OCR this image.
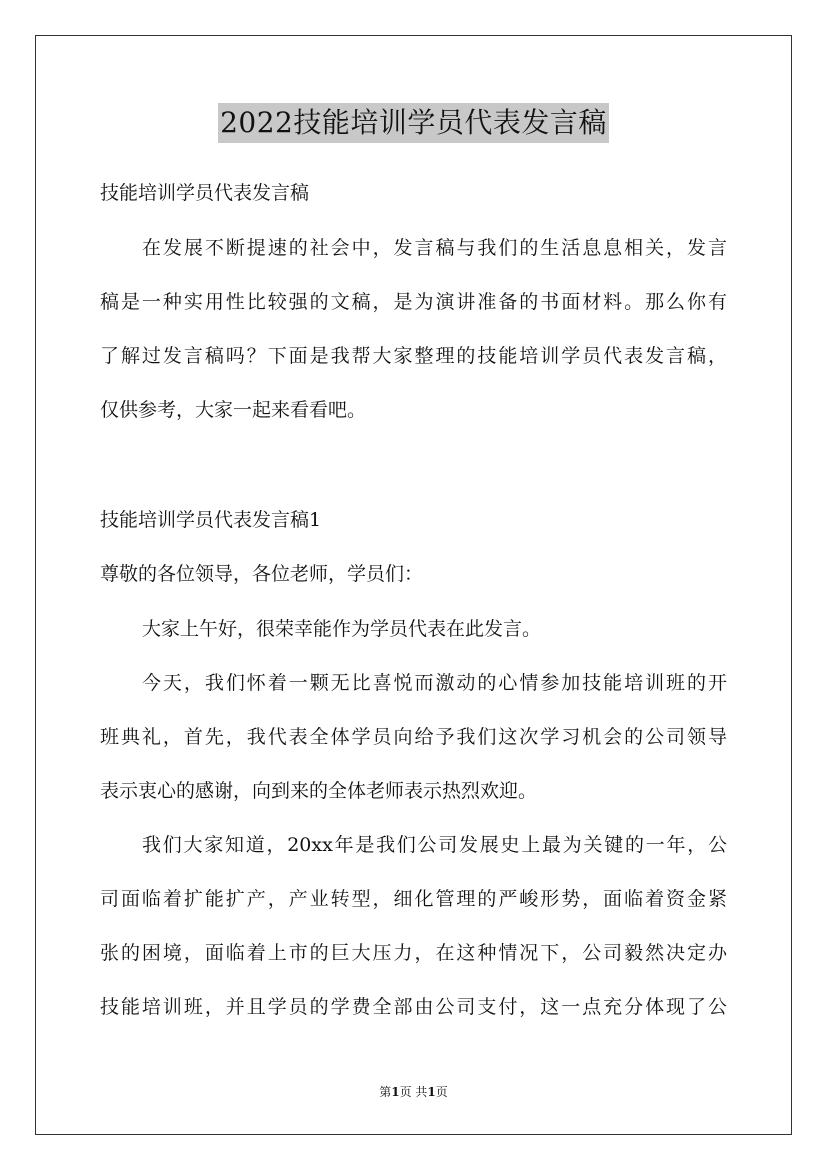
2022技能培训学员代表发言稿
技能培训学员代表发言稿
在发展不断提速的社会中，发言稿与我们的生活息息相关，发言
稿是一种实用性比较强的文稿，是为演讲准备的书面材料。那么你有
了解过发言稿吗？下面是我帮大家整理的技能培训学员代表发言稿，
仅供参考，大家一起来看看吧。
技能培训学员代表发言稿1
尊敬的各位领导，各位老师，学员们：
大家上午好，很荣幸能作为学员代表在此发言。
今天，我们怀着一颗无比喜悦而激动的心情参加技能培训班的开
班典礼，首先，我代表全体学员向给予我们这次学习机会的公司领导
表示衷心的感谢，向到来的全体老师表示热烈欢迎。
我们大家知道，20xx年是我们公司发展史上最为关键的一年，公
司面临着扩能扩产，产业转型，细化管理的严峻形势，面临着资金紧
张的困境，面临着上市的巨大压力，在这种情况下，公司毅然决定办
技能培训班，并且学员的学费全部由公司支付，这一点充分体现了公
第1页 共1页
